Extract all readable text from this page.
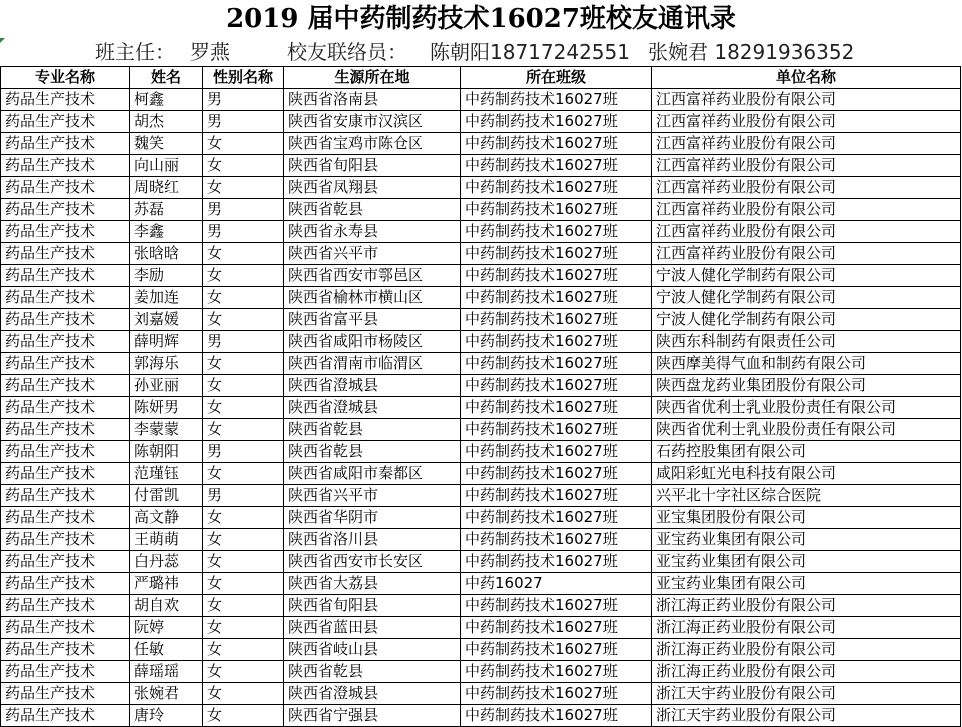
2019 届中药制药技术16027班校友通讯录
班主任： 罗燕	校友联络员： 陈朝阳18717242551 张婉君 18291936352
专业名称	姓名	性别名称	生源所在地	所在班级	单位名称
药品生产技术	柯鑫	男	陕西省洛南县	中药制药技术16027班	江西富祥药业股份有限公司
药品生产技术	胡杰	男	陕西省安康市汉滨区	中药制药技术16027班	江西富祥药业股份有限公司
药品生产技术	魏笑	女	陕西省宝鸡市陈仓区	中药制药技术16027班	江西富祥药业股份有限公司
药品生产技术	向山丽	女	陕西省旬阳县	中药制药技术16027班	江西富祥药业股份有限公司
药品生产技术	周晓红	女	陕西省凤翔县	中药制药技术16027班	江西富祥药业股份有限公司
药品生产技术	苏磊	男	陕西省乾县	中药制药技术16027班	江西富祥药业股份有限公司
药品生产技术	李鑫	男	陕西省永寿县	中药制药技术16027班	江西富祥药业股份有限公司
药品生产技术	张晗晗	女	陕西省兴平市	中药制药技术16027班	江西富祥药业股份有限公司
药品生产技术	李励	女	陕西省西安市鄠邑区	中药制药技术16027班	宁波人健化学制药有限公司
药品生产技术	姜加连	女	陕西省榆林市横山区	中药制药技术16027班	宁波人健化学制药有限公司
药品生产技术	刘嘉媛	女	陕西省富平县	中药制药技术16027班	宁波人健化学制药有限公司
药品生产技术	薛明辉	男	陕西省咸阳市杨陵区	中药制药技术16027班	陕西东科制药有限责任公司
药品生产技术	郭海乐	女	陕西省渭南市临渭区	中药制药技术16027班	陕西摩美得气血和制药有限公司
药品生产技术	孙亚丽	女	陕西省澄城县	中药制药技术16027班	陕西盘龙药业集团股份有限公司
药品生产技术	陈妍男	女	陕西省澄城县	中药制药技术16027班	陕西省优利士乳业股份责任有限公司
药品生产技术	李蒙蒙	女	陕西省乾县	中药制药技术16027班	陕西省优利士乳业股份责任有限公司
药品生产技术	陈朝阳	男	陕西省乾县	中药制药技术16027班	石药控股集团有限公司
药品生产技术	范瑾钰	女	陕西省咸阳市秦都区	中药制药技术16027班	咸阳彩虹光电科技有限公司
药品生产技术	付雷凯	男	陕西省兴平市	中药制药技术16027班	兴平北十字社区综合医院
药品生产技术	高文静	女	陕西省华阴市	中药制药技术16027班	亚宝集团股份有限公司
药品生产技术	王萌萌	女	陕西省洛川县	中药制药技术16027班	亚宝药业集团有限公司
药品生产技术	白丹蕊	女	陕西省西安市长安区	中药制药技术16027班	亚宝药业集团有限公司
药品生产技术	严璐祎	女	陕西省大荔县	中药16027	亚宝药业集团有限公司
药品生产技术	胡自欢	女	陕西省旬阳县	中药制药技术16027班	浙江海正药业股份有限公司
药品生产技术	阮婷	女	陕西省蓝田县	中药制药技术16027班	浙江海正药业股份有限公司
药品生产技术	任敏	女	陕西省岐山县	中药制药技术16027班	浙江海正药业股份有限公司
药品生产技术	薛瑶瑶	女	陕西省乾县	中药制药技术16027班	浙江海正药业股份有限公司
药品生产技术	张婉君	女	陕西省澄城县	中药制药技术16027班	浙江天宇药业股份有限公司
药品生产技术	唐玲	女	陕西省宁强县	中药制药技术16027班	浙江天宇药业股份有限公司
